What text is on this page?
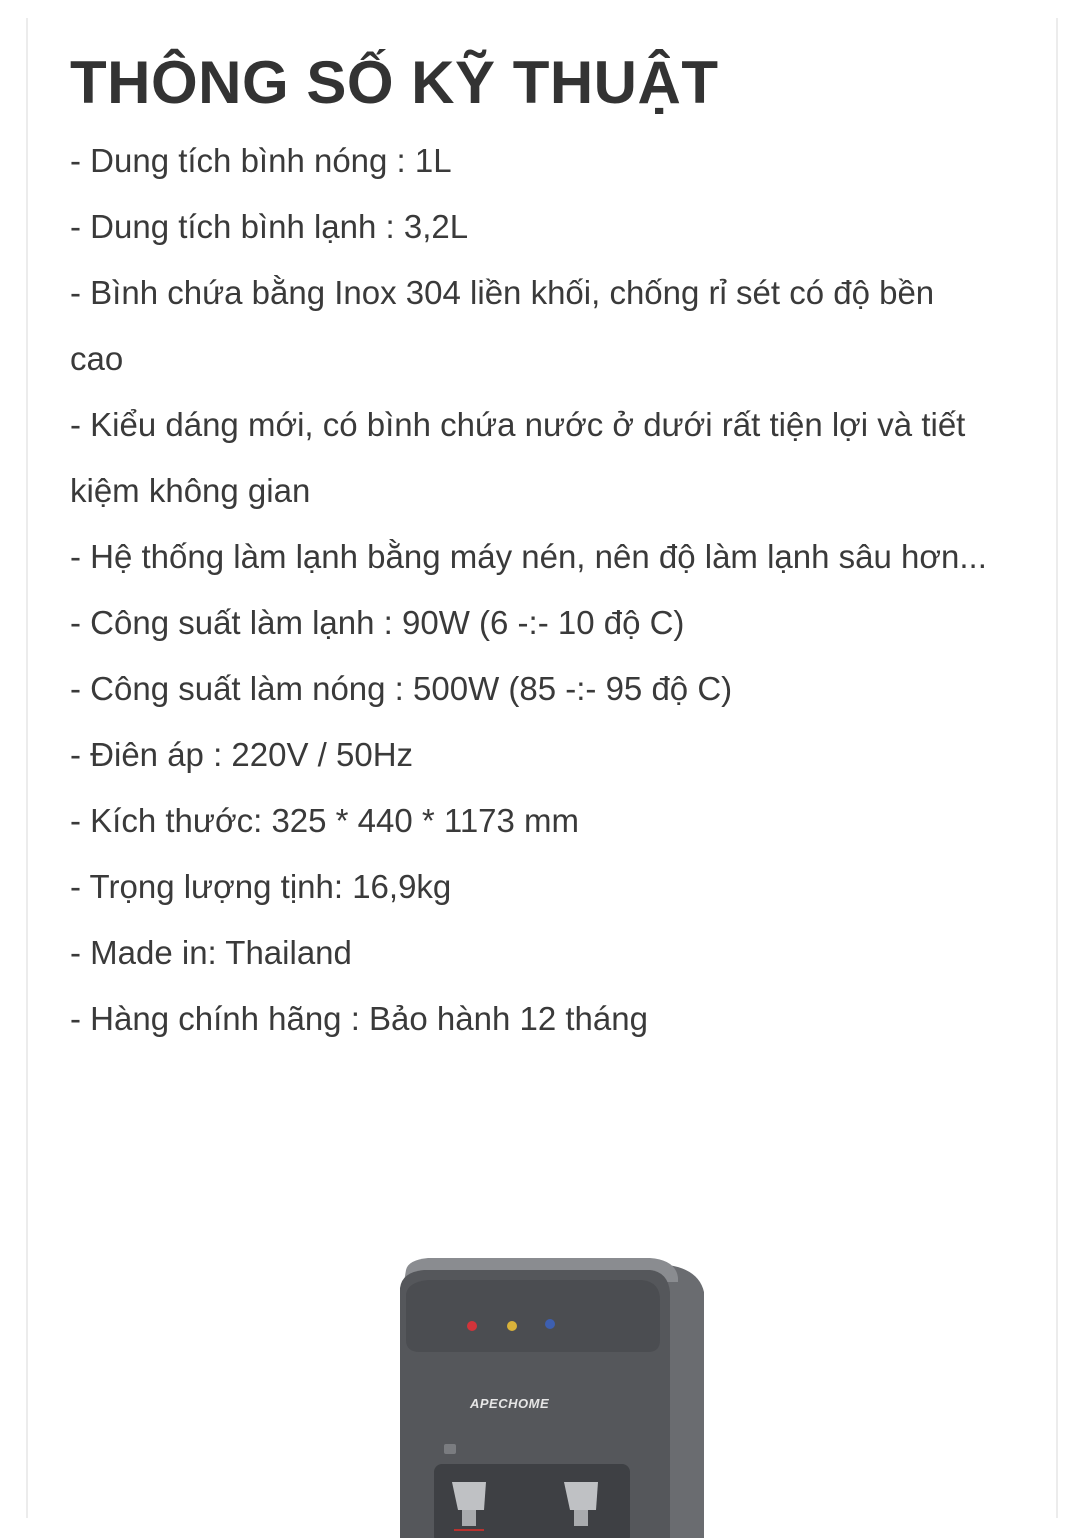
THÔNG SỐ KỸ THUẬT
- Dung tích bình nóng : 1L
- Dung tích bình lạnh : 3,2L
- Bình chứa bằng Inox 304 liền khối, chống rỉ sét có độ bền cao
- Kiểu dáng mới, có bình chứa nước ở dưới rất tiện lợi và tiết kiệm không gian
- Hệ thống làm lạnh bằng máy nén, nên độ làm lạnh sâu hơn...
- Công suất làm lạnh : 90W (6 -:- 10 độ C)
- Công suất làm nóng : 500W (85 -:- 95 độ C)
- Điên áp : 220V / 50Hz
- Kích thước: 325 * 440 * 1173 mm
- Trọng lượng tịnh: 16,9kg
- Made in: Thailand
- Hàng chính hãng : Bảo hành 12 tháng
APECHOME
